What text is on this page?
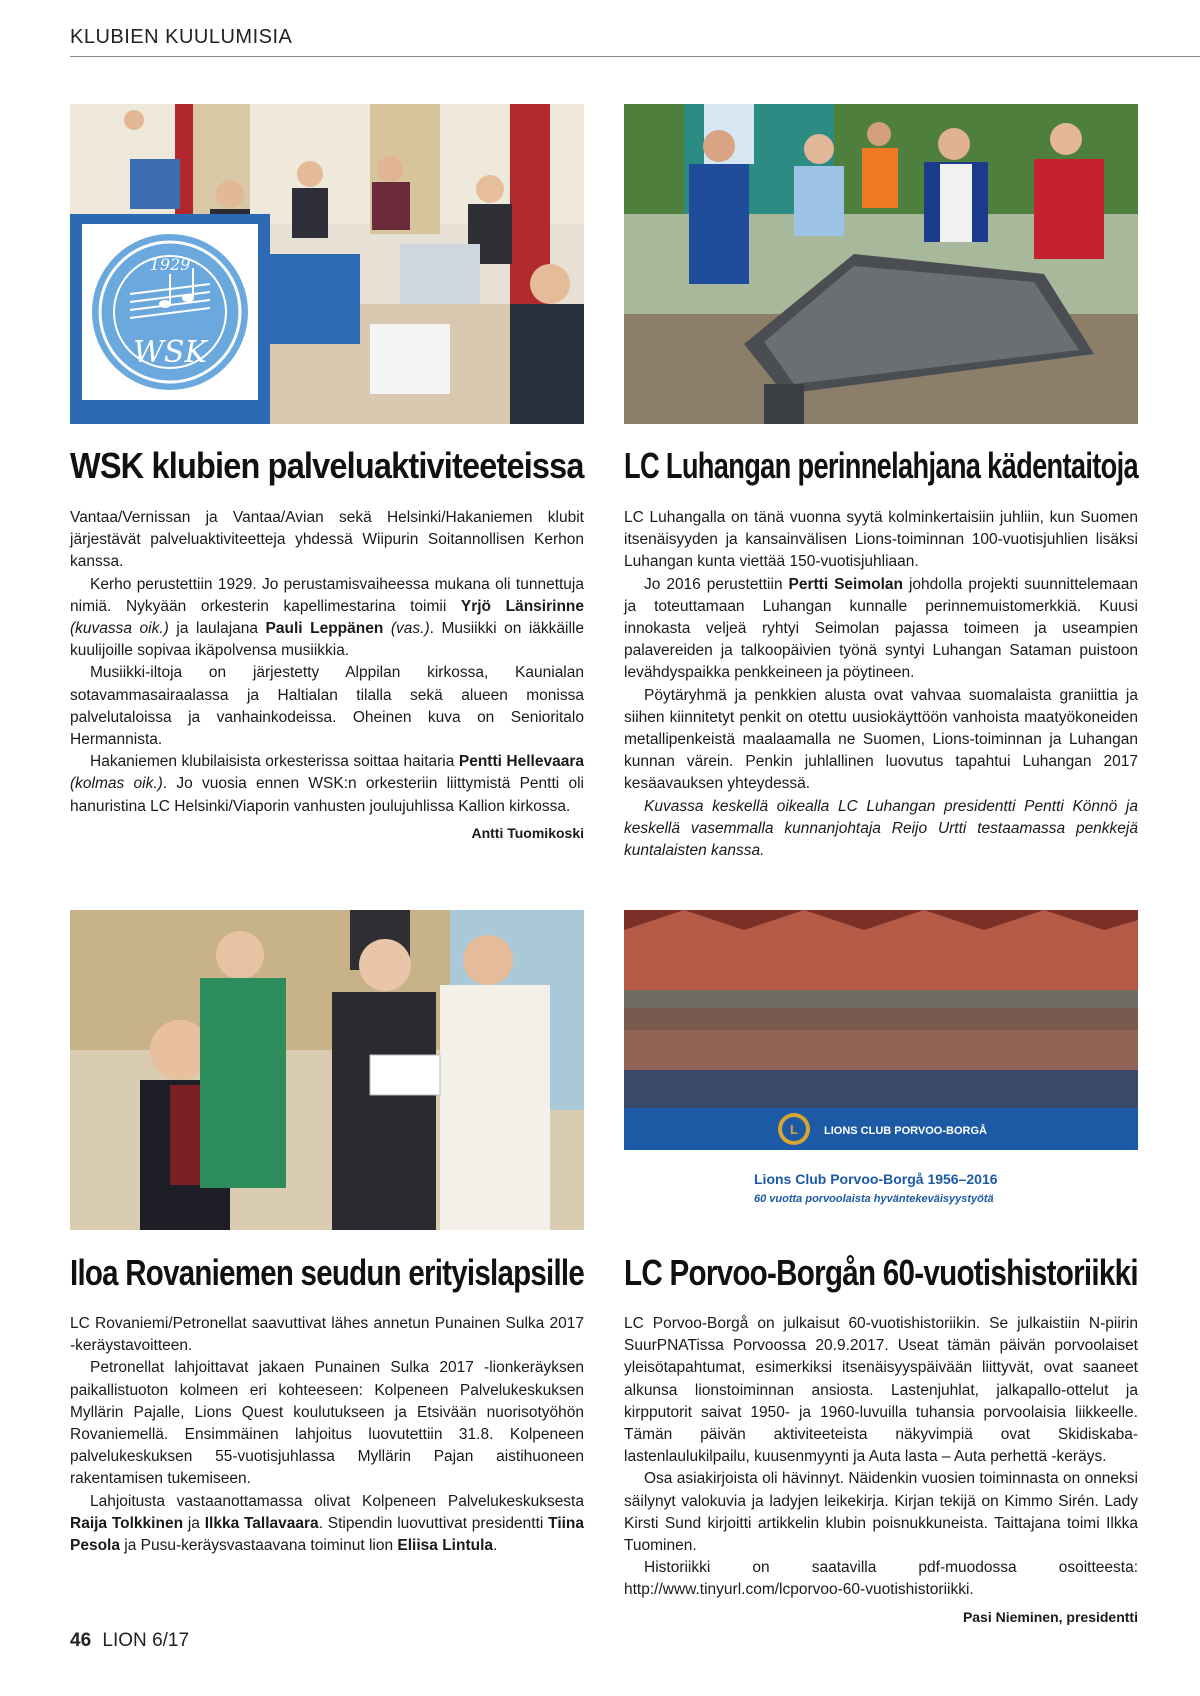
KLUBIEN KUULUMISIA
1929
WSK
L LIONS CLUB PORVOO-BORGÅ
Lions Club Porvoo-Borgå 1956–2016
60 vuotta porvoolaista hyväntekeväisyystyötä
WSK klubien palveluaktiviteeteissa LC Luhangan perinnelahjana kädentaitoja
Iloa Rovaniemen seudun erityislapsille LC Porvoo-Borgån 60-vuotishistoriikki

Vantaa/Vernissan ja Vantaa/Avian sekä Helsinki/Hakaniemen klubit järjestävät palveluaktiviteetteja yhdessä Wiipurin Soitannollisen Kerhon kanssa.

Kerho perustettiin 1929. Jo perustamisvaiheessa mukana oli tunnettuja nimiä. Nykyään orkesterin kapellimestarina toimii Yrjö Länsirinne (kuvassa oik.) ja laulajana Pauli Leppänen (vas.). Musiikki on iäkkäille kuulijoille sopivaa ikäpolvensa musiikkia.

Musiikki-iltoja on järjestetty Alppilan kirkossa, Kaunialan sotavammasairaalassa ja Haltialan tilalla sekä alueen monissa palvelutaloissa ja vanhainkodeissa. Oheinen kuva on Senioritalo Hermannista.

Hakaniemen klubilaisista orkesterissa soittaa haitaria Pentti Hellevaara (kolmas oik.). Jo vuosia ennen WSK:n orkesteriin liittymistä Pentti oli hanuristina LC Helsinki/Viaporin vanhusten joulujuhlissa Kallion kirkossa.

Antti Tuomikoski

LC Luhangalla on tänä vuonna syytä kolminkertaisiin juhliin, kun Suomen itsenäisyyden ja kansainvälisen Lions-toiminnan 100-vuotisjuhlien lisäksi Luhangan kunta viettää 150-vuotisjuhliaan.

Jo 2016 perustettiin Pertti Seimolan johdolla projekti suunnittelemaan ja toteuttamaan Luhangan kunnalle perinnemuistomerkkiä. Kuusi innokasta veljeä ryhtyi Seimolan pajassa toimeen ja useampien palavereiden ja talkoopäivien työnä syntyi Luhangan Sataman puistoon levähdyspaikka penkkeineen ja pöytineen.

Pöytäryhmä ja penkkien alusta ovat vahvaa suomalaista graniittia ja siihen kiinnitetyt penkit on otettu uusiokäyttöön vanhoista maatyökoneiden metallipenkeistä maalaamalla ne Suomen, Lions-toiminnan ja Luhangan kunnan värein. Penkin juhlallinen luovutus tapahtui Luhangan 2017 kesäavauksen yhteydessä.

Kuvassa keskellä oikealla LC Luhangan presidentti Pentti Könnö ja keskellä vasemmalla kunnanjohtaja Reijo Urtti testaamassa penkkejä kuntalaisten kanssa.

LC Rovaniemi/Petronellat saavuttivat lähes annetun Punainen Sulka 2017 -keräystavoitteen.

Petronellat lahjoittavat jakaen Punainen Sulka 2017 -lionkeräyksen paikallistuoton kolmeen eri kohteeseen: Kolpeneen Palvelukeskuksen Myllärin Pajalle, Lions Quest koulutukseen ja Etsivään nuorisotyöhön Rovaniemellä. Ensimmäinen lahjoitus luovutettiin 31.8. Kolpeneen palvelukeskuksen 55-vuotisjuhlassa Myllärin Pajan aistihuoneen rakentamisen tukemiseen.

Lahjoitusta vastaanottamassa olivat Kolpeneen Palvelukeskuksesta Raija Tolkkinen ja Ilkka Tallavaara. Stipendin luovuttivat presidentti Tiina Pesola ja Pusu-keräysvastaavana toiminut lion Eliisa Lintula.

LC Porvoo-Borgå on julkaisut 60-vuotishistoriikin. Se julkaistiin N-piirin SuurPNATissa Porvoossa 20.9.2017. Useat tämän päivän porvoolaiset yleisötapahtumat, esimerkiksi itsenäisyyspäivään liittyvät, ovat saaneet alkunsa lionstoiminnan ansiosta. Lastenjuhlat, jalkapallo-ottelut ja kirpputorit saivat 1950- ja 1960-luvuilla tuhansia porvoolaisia liikkeelle. Tämän päivän aktiviteeteista näkyvimpiä ovat Skidiskaba-lastenlaulukilpailu, kuusenmyynti ja Auta lasta – Auta perhettä -keräys.

Osa asiakirjoista oli hävinnyt. Näidenkin vuosien toiminnasta on onneksi säilynyt valokuvia ja ladyjen leikekirja. Kirjan tekijä on Kimmo Sirén. Lady Kirsti Sund kirjoitti artikkelin klubin poisnukkuneista. Taittajana toimi Ilkka Tuominen.

Historiikki on saatavilla pdf-muodossa osoitteesta: http://www.tinyurl.com/lcporvoo-60-vuotishistoriikki.

Pasi Nieminen, presidentti
46 LION 6/17
